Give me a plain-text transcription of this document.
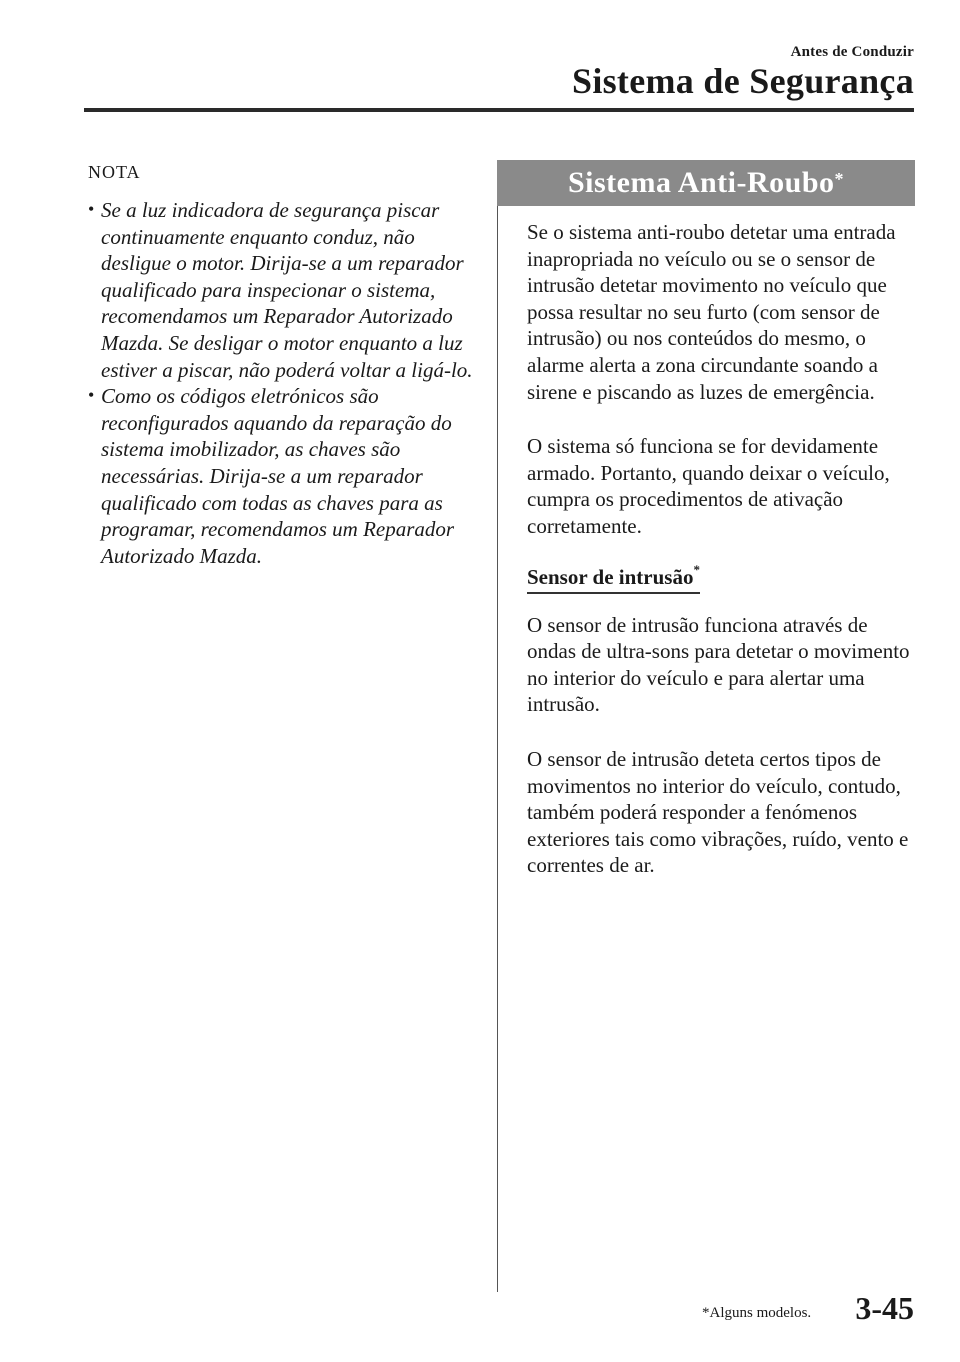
Antes de Conduzir
Sistema de Segurança
NOTA
• Se a luz indicadora de segurança piscar continuamente enquanto conduz, não desligue o motor. Dirija-se a um reparador qualificado para inspecionar o sistema, recomendamos um Reparador Autorizado Mazda. Se desligar o motor enquanto a luz estiver a piscar, não poderá voltar a ligá-lo.
• Como os códigos eletrónicos são reconfigurados aquando da reparação do sistema imobilizador, as chaves são necessárias. Dirija-se a um reparador qualificado com todas as chaves para as programar, recomendamos um Reparador Autorizado Mazda.
Sistema Anti-Roubo*

Se o sistema anti-roubo detetar uma entrada inapropriada no veículo ou se o sensor de intrusão detetar movimento no veículo que possa resultar no seu furto (com sensor de intrusão) ou nos conteúdos do mesmo, o alarme alerta a zona circundante soando a sirene e piscando as luzes de emergência.

O sistema só funciona se for devidamente armado. Portanto, quando deixar o veículo, cumpra os procedimentos de ativação corretamente.

Sensor de intrusão*

O sensor de intrusão funciona através de ondas de ultra-sons para detetar o movimento no interior do veículo e para alertar uma intrusão.

O sensor de intrusão deteta certos tipos de movimentos no interior do veículo, contudo, também poderá responder a fenómenos exteriores tais como vibrações, ruído, vento e correntes de ar.

*Alguns modelos. 3-45
